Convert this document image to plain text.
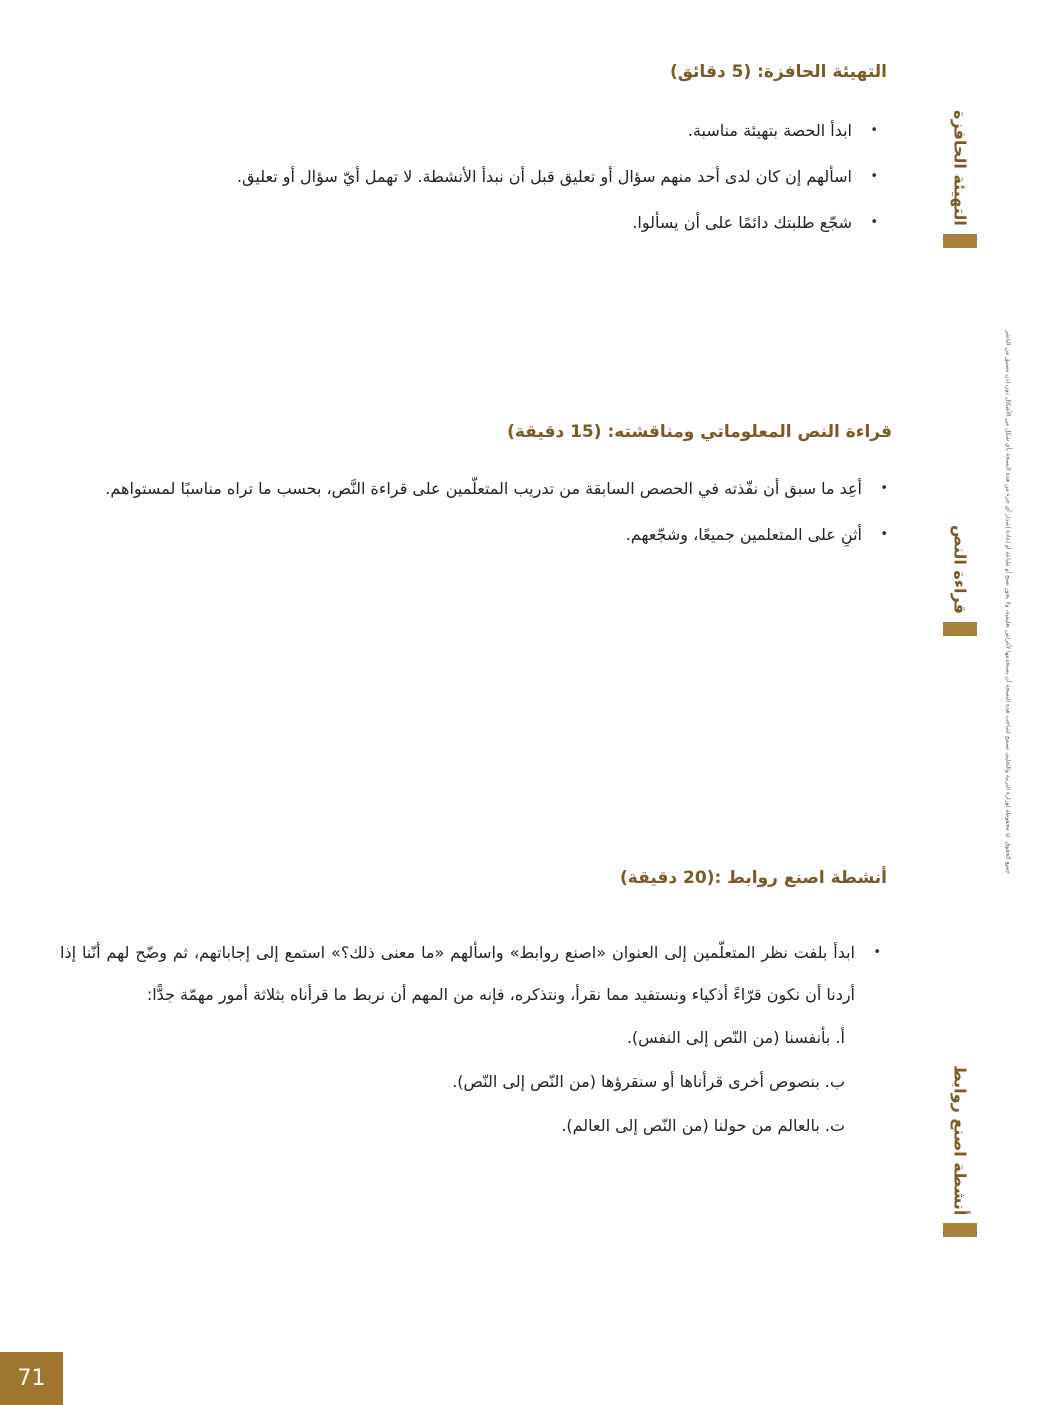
التهيئة الحافزة: (5 دقائق)
• ابدأ الحصة بتهيئة مناسبة.
• اسألهم إن كان لدى أحد منهم سؤال أو تعليق قبل أن نبدأ الأنشطة. لا تهمل أيّ سؤال أو تعليق.
• شجّع طلبتك دائمًا على أن يسألوا.
قراءة النص المعلوماتي ومناقشته: (15 دقيقة)
• أعِد ما سبق أن نفّذته في الحصص السابقة من تدريب المتعلّمين على قراءة النَّص، بحسب ما تراه مناسبًا لمستواهم.
• أثنِ على المتعلمين جميعًا، وشجّعهم.
أنشطة اصنع روابط :(20 دقيقة)
• ابدأ بلفت نظر المتعلّمين إلى العنوان «اصنع روابط» واسألهم «ما معنى ذلك؟» استمع إلى إجاباتهم، ثم وضّح لهم أنّنا إذا أردنا أن نكون قرّاءً أذكياء ونستفيد مما نقرأ، ونتذكره، فإنه من المهم أن نربط ما قرأناه بثلاثة أمور مهمّة جدًّا:
أ. بأنفسنا (من النّص إلى النفس).
ب. بنصوص أخرى قرأناها أو سنقرؤها (من النّص إلى النّص).
ت. بالعالم من حولنا (من النّص إلى العالم).
التهيئة الحافزة
قراءة النص
أنشطة اصنع روابط
جميع الحقوق © محفوظة لوزارة التربية والتعليم، تسمح لصاحب هذه النسخة أن يستخدمها لأغراض تعليمية، ولا يجوز نسخ أو طباعة أو إعادة إصدار أي جزء من هذه النسخة بأي شكل من الأشكال دون إذن مسبق من الناشر
71
